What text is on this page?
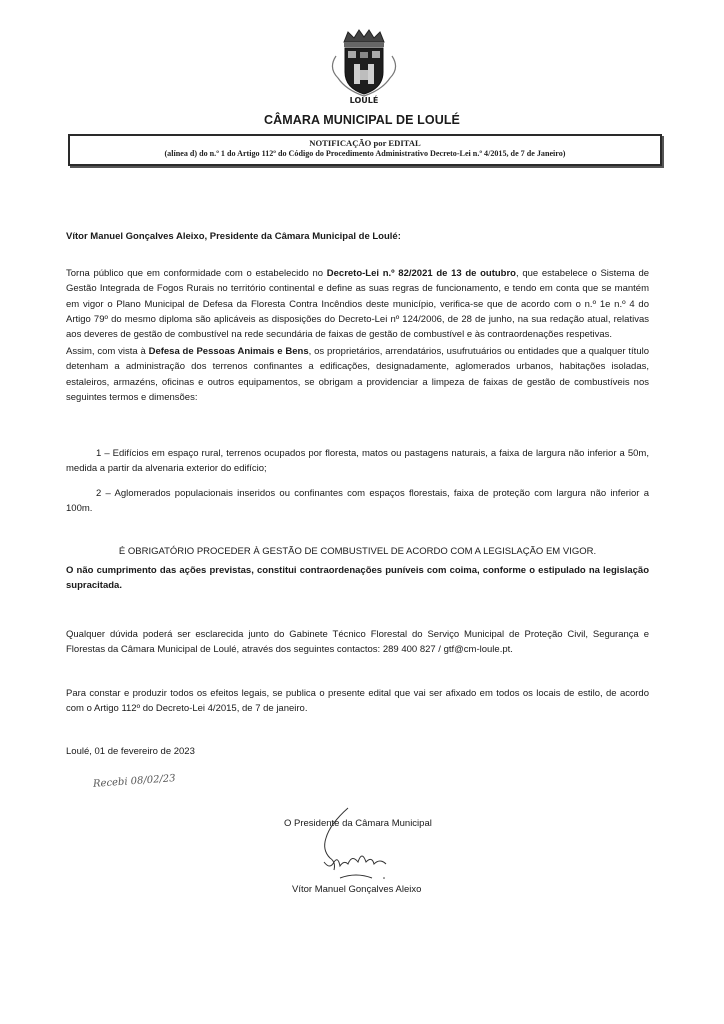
LOULÉ
CÂMARA MUNICIPAL DE LOULÉ
NOTIFICAÇÃO por EDITAL
(alínea d) do n.º 1 do Artigo 112º do Código do Procedimento Administrativo Decreto-Lei n.º 4/2015, de 7 de Janeiro)
Vítor Manuel Gonçalves Aleixo, Presidente da Câmara Municipal de Loulé:
Torna público que em conformidade com o estabelecido no Decreto-Lei n.º 82/2021 de 13 de outubro, que estabelece o Sistema de Gestão Integrada de Fogos Rurais no território continental e define as suas regras de funcionamento, e tendo em conta que se mantém em vigor o Plano Municipal de Defesa da Floresta Contra Incêndios deste município, verifica-se que de acordo com o n.º 1e n.º 4 do Artigo 79º do mesmo diploma são aplicáveis as disposições do Decreto-Lei nº 124/2006, de 28 de junho, na sua redação atual, relativas aos deveres de gestão de combustível na rede secundária de faixas de gestão de combustível e às contraordenações respetivas.
Assim, com vista à Defesa de Pessoas Animais e Bens, os proprietários, arrendatários, usufrutuários ou entidades que a qualquer título detenham a administração dos terrenos confinantes a edificações, designadamente, aglomerados urbanos, habitações isoladas, estaleiros, armazéns, oficinas e outros equipamentos, se obrigam a providenciar a limpeza de faixas de gestão de combustíveis nos seguintes termos e dimensões:
1 – Edifícios em espaço rural, terrenos ocupados por floresta, matos ou pastagens naturais, a faixa de largura não inferior a 50m, medida a partir da alvenaria exterior do edifício;
2 – Aglomerados populacionais inseridos ou confinantes com espaços florestais, faixa de proteção com largura não inferior a 100m.
É OBRIGATÓRIO PROCEDER À GESTÃO DE COMBUSTIVEL DE ACORDO COM A LEGISLAÇÃO EM VIGOR.
O não cumprimento das ações previstas, constitui contraordenações puníveis com coima, conforme o estipulado na legislação supracitada.
Qualquer dúvida poderá ser esclarecida junto do Gabinete Técnico Florestal do Serviço Municipal de Proteção Civil, Segurança e Florestas da Câmara Municipal de Loulé, através dos seguintes contactos: 289 400 827 / gtf@cm-loule.pt.
Para constar e produzir todos os efeitos legais, se publica o presente edital que vai ser afixado em todos os locais de estilo, de acordo com o Artigo 112º do Decreto-Lei 4/2015, de 7 de janeiro.
Loulé, 01 de fevereiro de 2023
Recebi 08/02/23
O Presidente da Câmara Municipal
Vítor Manuel Gonçalves Aleixo
